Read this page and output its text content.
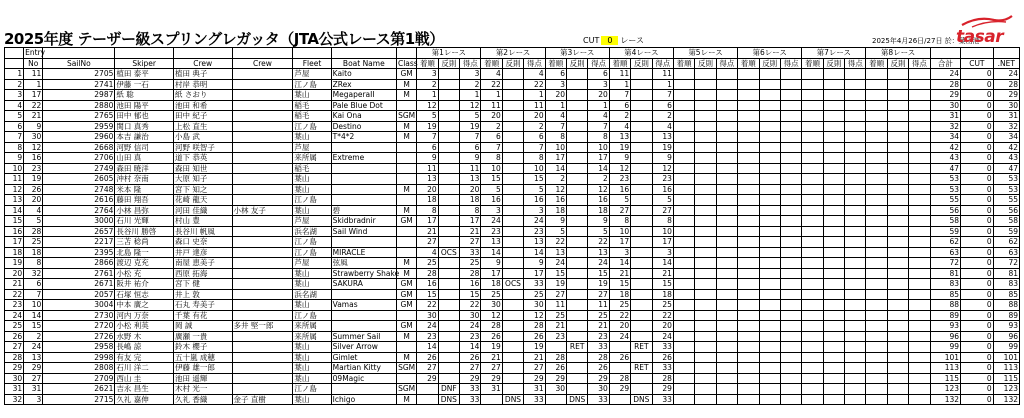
2025年度 テーザー級スプリングレガッタ（JTA公式レース第1戦）	CUT 0 レース	2025年4月26日/27日 於：葉山港
tasar
	Entry								第1レース			第2レース			第3レース			第4レース			第5レース			第6レース			第7レース			第8レース					
	No	SailNo	Skiper	Crew	Crew	Fleet	Boat Name	Class	着順	反則	得点	着順	反則	得点	着順	反則	得点	着順	反則	得点	着順	反則	得点	着順	反則	得点	着順	反則	得点	着順	反則	得点	合計	CUT	.NET
1	11	2705	植田 泰平	植田 典子		芦屋	Kaito	GM	3		3	4		4	6		6	11		11													24	0	24
2	1	2741	伊藤 一石	村岸 恭明		江ノ島	ZRex	M	2		2	22		22	3		3	1		1													28	0	28
3	17	2987	紙 聡	紙 さおり		葉山	MegaperaII	M	1		1	1		1	20		20	7		7													29	0	29
4	22	2880	池田 陽平	池田 和希		稲毛	Pale Blue Dot		12		12	11		11	1		1	6		6													30	0	30
5	21	2765	田中 郁也	田中 紀子		稲毛	Kai Ona	SGM	5		5	20		20	4		4	2		2													31	0	31
6	9	2959	関口 真秀	上松 直生		江ノ島	Destino	M	19		19	2		2	7		7	4		4													32	0	32
7	30	2960	本吉 謙治	小島 武		葉山	T*4*2	M	7		7	6		6	8		8	13		13													34	0	34
8	12	2668	河野 信司	河野 咲智子		芦屋			6		6	7		7	10		10	19		19													42	0	42
9	16	2706	山田 真	道下 恭英		来所属	Extreme		9		9	8		8	17		17	9		9													43	0	43
10	23	2749	森田 暁洋	森田 知世		稲毛			11		11	10		10	14		14	12		12													47	0	47
11	19	2605	沖村 奈南	大原 知子		葉山			13		13	15		15	2		2	23		23													53	0	53
12	26	2748	米本 隆	宮下 知之		葉山		M	20		20	5		5	12		12	16		16													53	0	53
13	20	2616	藤田 翔吾	花崎 龍天		江ノ島			18		18	16		16	16		16	5		5													55	0	55
14	4	2764	小林 昌弥	河田 佳織	小林 友子	葉山	碧	M	8		8	3		3	18		18	27		27													56	0	56
15	5	3000	石川 光輝	村山 豊		芦屋	Skidbradnir	GM	17		17	24		24	9		9	8		8													58	0	58
16	28	2657	長谷川 勝啓	長谷川 帆風		浜名湖	Sail Wind		21		21	23		23	5		5	10		10													59	0	59
17	25	2217	三苫 稔尚	森口 史奈		江ノ島			27		27	13		13	22		22	17		17													62	0	62
18	18	2395	北島 隆一	井戸 達彦		江ノ島	MIRACLE		4	OCS	33	14		14	13		13	3		3													63	0	63
19	8	2866	渡辺 克充	南屋 恵美子		芦屋	弦風	M	25		25	9		9	24		24	14		14													72	0	72
20	32	2761	小松 充	西原 拓海		葉山	Strawberry Shake	M	28		28	17		17	15		15	21		21													81	0	81
21	6	2671	阪井 祐介	宮下 健		葉山	SAKURA	GM	16		16	18	OCS	33	19		19	15		15													83	0	83
22	7	2057	石塚 恒志	井上 敦		浜名湖		GM	15		15	25		25	27		27	18		18													85	0	85
23	10	3004	中本 廣之	石丸 寿美子		葉山	Vamas	GM	22		22	30		30	11		11	25		25													88	0	88
24	14	2730	河内 万奈	千葉 有花		江ノ島			30		30	12		12	25		25	22		22													89	0	89
25	15	2720	小松 利英	岡 誠	多井 堅一郎	来所属		GM	24		24	28		28	21		21	20		20													93	0	93
26	2	2726	水野 木	廣瀬 一貴		来所属	Summer Sail	M	23		23	26		26	23		23	24		24													96	0	96
27	24	2958	長嶋 諒	鈴木 櫻子		葉山	Silver Arrow		14		14	19		19		RET	33		RET	33													99	0	99
28	13	2998	有友 完	五十嵐 成穂		葉山	Gimlet	M	26		26	21		21	28		28	26		26													101	0	101
29	29	2808	石川 洋二	伊藤 雄一郎		葉山	Martian Kitty	SGM	27		27	27		27	26		26		RET	33													113	0	113
30	27	2709	西山 圭	池田 遥輝		葉山	09Magic		29		29	29		29	29		29	28		28													115	0	115
31	31	2621	吉永 昌生	木村 光一		江ノ島		SGM		DNF	33	31		31	30		30	29		29													123	0	123
32	3	2715	久礼 嘉伸	久礼 香織	金子 直樹	葉山	Ichigo	M		DNS	33		DNS	33		DNS	33		DNS	33													132	0	132
